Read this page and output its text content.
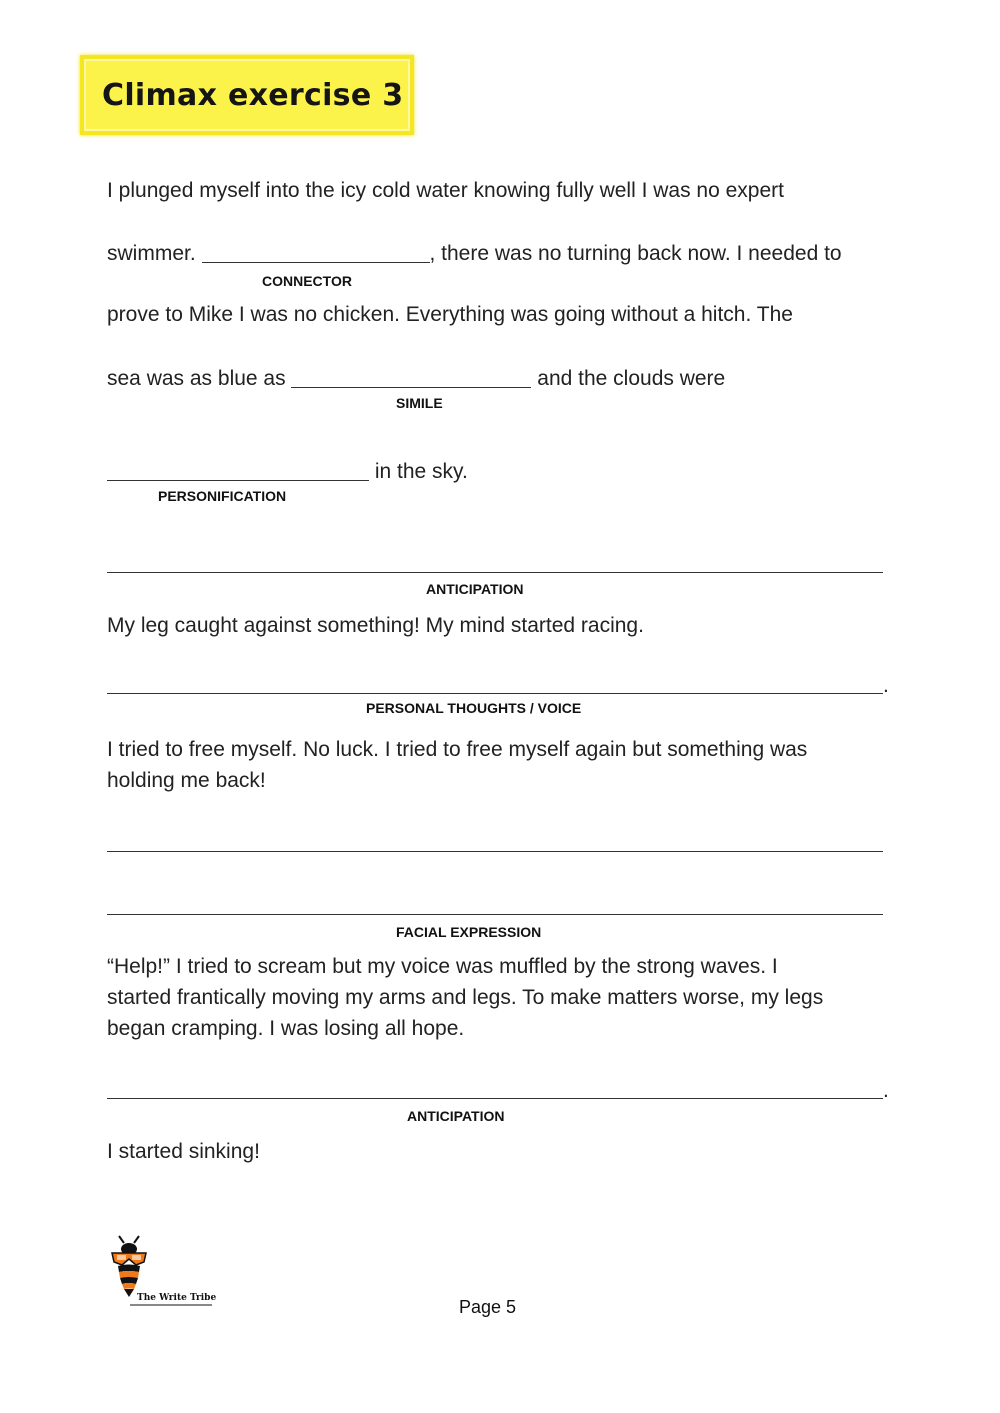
Climax exercise 3
I plunged myself into the icy cold water knowing fully well I was no expert
swimmer.	, there was no turning back now. I needed to
CONNECTOR
prove to Mike I was no chicken. Everything was going without a hitch. The
sea was as blue as	and the clouds were
SIMILE
in the sky.
PERSONIFICATION
ANTICIPATION
My leg caught against something! My mind started racing.
.
PERSONAL THOUGHTS / VOICE
I tried to free myself. No luck. I tried to free myself again but something was
holding me back!
FACIAL EXPRESSION
“Help!” I tried to scream but my voice was muffled by the strong waves. I
started frantically moving my arms and legs. To make matters worse, my legs
began cramping. I was losing all hope.
.
ANTICIPATION
I started sinking!
The Write Tribe	Page 5
